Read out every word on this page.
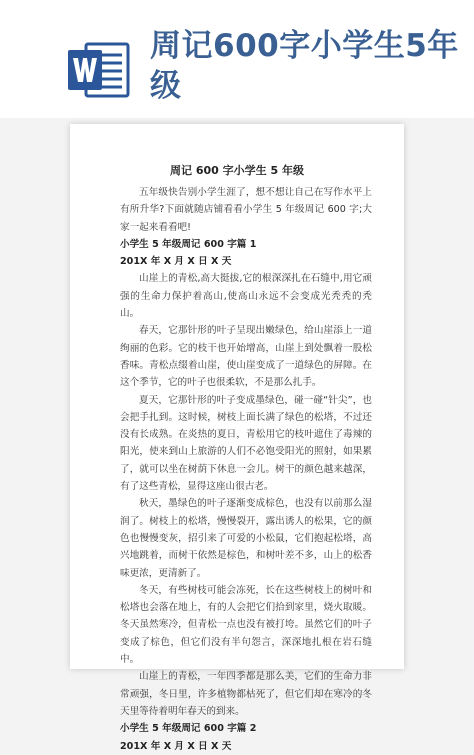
周记600字小学生5年级
周记 600 字小学生 5 年级

五年级快告别小学生涯了，想不想让自己在写作水平上有所升华?下面就随店铺看看小学生 5 年级周记 600 字;大家一起来看看吧!

小学生 5 年级周记 600 字篇 1

201X 年 X 月 X 日 X 天

山崖上的青松,高大挺拔,它的根深深扎在石缝中,用它顽强的生命力保护着高山,使高山永远不会变成光秃秃的秃山。

春天，它那针形的叶子呈现出嫩绿色，给山崖添上一道绚丽的色彩。它的枝干也开始增高，山崖上到处飘着一股松香味。青松点缀着山崖，使山崖变成了一道绿色的屏障。在这个季节，它的叶子也很柔软，不是那么扎手。

夏天，它那针形的叶子变成墨绿色，碰一碰“针尖”，也会把手扎到。这时候，树枝上面长满了绿色的松塔，不过还没有长成熟。在炎热的夏日，青松用它的枝叶遮住了毒辣的阳光，使来到山上旅游的人们不必饱受阳光的照射，如果累了，就可以坐在树荫下休息一会儿。树干的颜色越来越深，有了这些青松，显得这座山很古老。

秋天，墨绿色的叶子逐渐变成棕色，也没有以前那么湿润了。树枝上的松塔，慢慢裂开，露出诱人的松果，它的颜色也慢慢变灰，招引来了可爱的小松鼠，它们抱起松塔，高兴地跳着，而树干依然是棕色，和树叶差不多，山上的松香味更浓，更清新了。

冬天，有些树枝可能会冻死，长在这些树枝上的树叶和松塔也会落在地上，有的人会把它们拾到家里，烧火取暖。冬天虽然寒冷，但青松一点也没有被打垮。虽然它们的叶子变成了棕色，但它们没有半句怨言，深深地扎根在岩石缝中。

山崖上的青松，一年四季都是那么美，它们的生命力非常顽强，冬日里，许多植物都枯死了，但它们却在寒冷的冬天里等待着明年春天的到来。

小学生 5 年级周记 600 字篇 2

201X 年 X 月 X 日 X 天
